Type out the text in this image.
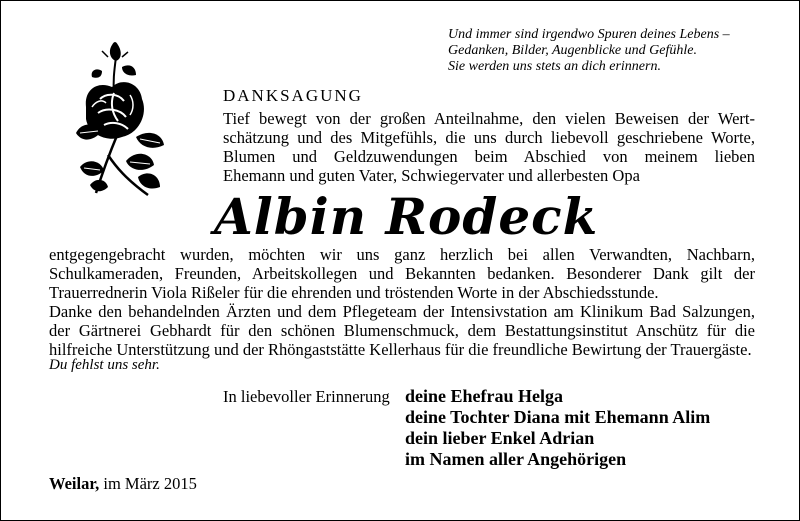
Und immer sind irgendwo Spuren deines Lebens –
Gedanken, Bilder, Augenblicke und Gefühle.
Sie werden uns stets an dich erinnern.
DANKSAGUNG
Tief bewegt von der großen Anteilnahme, den vielen Beweisen der Wert-
schätzung und des Mitgefühls, die uns durch liebevoll geschriebene Worte,
Blumen und Geldzuwendungen beim Abschied von meinem lieben
Ehemann und guten Vater, Schwiegervater und allerbesten Opa
Albin Rodeck
entgegengebracht wurden, möchten wir uns ganz herzlich bei allen Verwandten, Nachbarn,
Schulkameraden, Freunden, Arbeitskollegen und Bekannten bedanken. Besonderer Dank gilt der
Trauerrednerin Viola Rißeler für die ehrenden und tröstenden Worte in der Abschiedsstunde.
Danke den behandelnden Ärzten und dem Pflegeteam der Intensivstation am Klinikum Bad Salzungen,
der Gärtnerei Gebhardt für den schönen Blumenschmuck, dem Bestattungsinstitut Anschütz für die
hilfreiche Unterstützung und der Rhöngaststätte Kellerhaus für die freundliche Bewirtung der Trauergäste.
Du fehlst uns sehr.
In liebevoller Erinnerung deine Ehefrau Helga
deine Tochter Diana mit Ehemann Alim
dein lieber Enkel Adrian
im Namen aller Angehörigen
Weilar, im März 2015
